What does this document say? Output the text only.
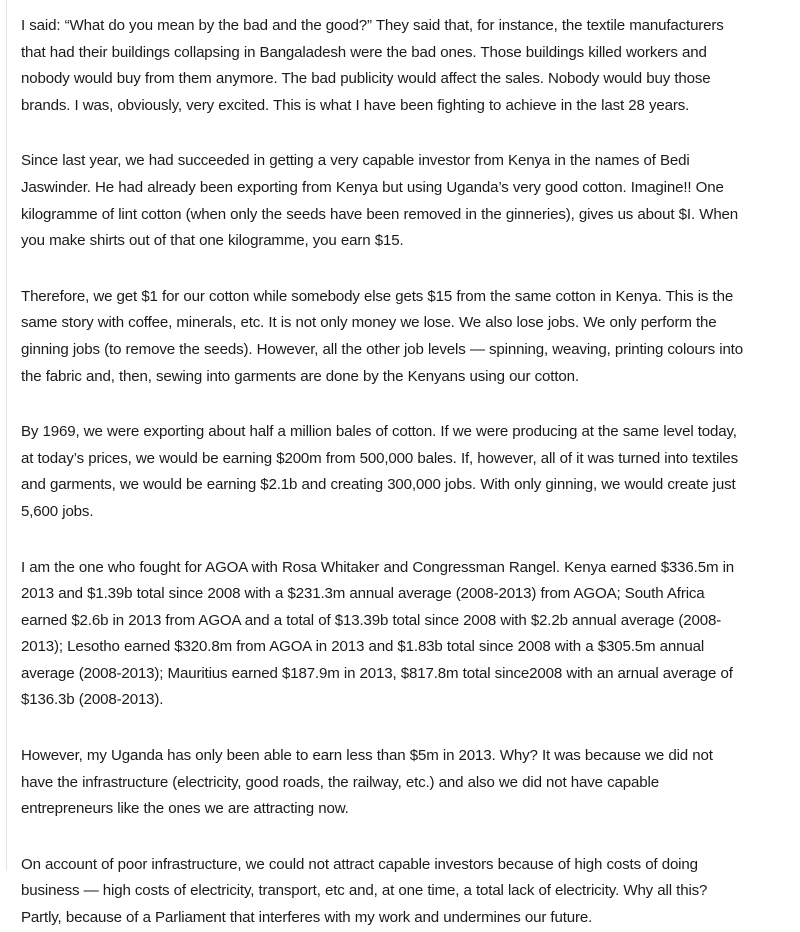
I said: “What do you mean by the bad and the good?” They said that, for instance, the textile manufacturers that had their buildings collapsing in Bangaladesh were the bad ones. Those buildings killed workers and nobody would buy from them anymore. The bad publicity would affect the sales. Nobody would buy those brands. I was, obviously, very excited. This is what I have been fighting to achieve in the last 28 years.

Since last year, we had succeeded in getting a very capable investor from Kenya in the names of Bedi Jaswinder. He had already been exporting from Kenya but using Uganda’s very good cotton. Imagine!! One kilogramme of lint cotton (when only the seeds have been removed in the ginneries), gives us about $I. When you make shirts out of that one kilogramme, you earn $15.

Therefore, we get $1 for our cotton while somebody else gets $15 from the same cotton in Kenya. This is the same story with coffee, minerals, etc. It is not only money we lose. We also lose jobs. We only perform the ginning jobs (to remove the seeds). However, all the other job levels — spinning, weaving, printing colours into the fabric and, then, sewing into garments are done by the Kenyans using our cotton.

By 1969, we were exporting about half a million bales of cotton. If we were producing at the same level today, at today’s prices, we would be earning $200m from 500,000 bales. If, however, all of it was turned into textiles and garments, we would be earning $2.1b and creating 300,000 jobs. With only ginning, we would create just 5,600 jobs.

I am the one who fought for AGOA with Rosa Whitaker and Congressman Rangel. Kenya earned $336.5m in 2013 and $1.39b total since 2008 with a $231.3m annual average (2008-2013) from AGOA; South Africa earned $2.6b in 2013 from AGOA and a total of $13.39b total since 2008 with $2.2b annual average (2008-2013); Lesotho earned $320.8m from AGOA in 2013 and $1.83b total since 2008 with a $305.5m annual average (2008-2013); Mauritius earned $187.9m in 2013, $817.8m total since2008 with an arnual average of $136.3b (2008-2013).

However, my Uganda has only been able to earn less than $5m in 2013. Why? It was because we did not have the infrastructure (electricity, good roads, the railway, etc.) and also we did not have capable entrepreneurs like the ones we are attracting now.

On account of poor infrastructure, we could not attract capable investors because of high costs of doing business — high costs of electricity, transport, etc and, at one time, a total lack of electricity. Why all this? Partly, because of a Parliament that interferes with my work and undermines our future.
